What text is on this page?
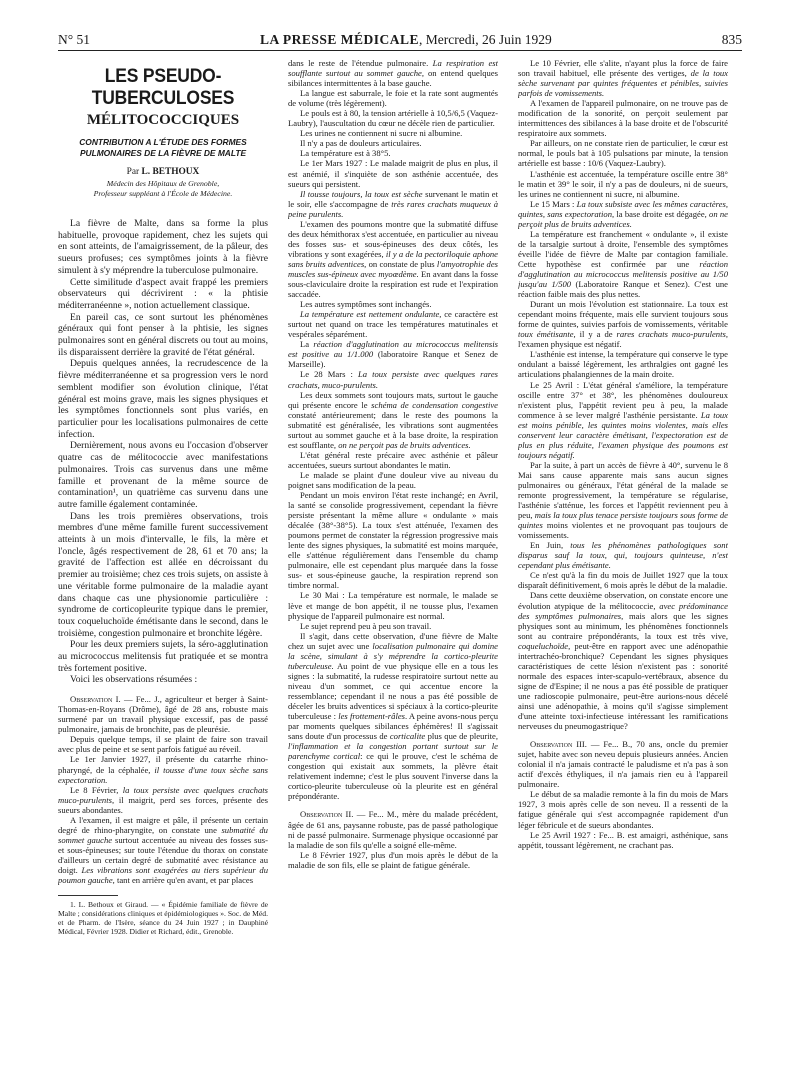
N° 51	LA PRESSE MÉDICALE, Mercredi, 26 Juin 1929	835
LES PSEUDO-TUBERCULOSES
MÉLITOCOCCIQUES
CONTRIBUTION A L'ÉTUDE DES FORMES PULMONAIRES DE LA FIÈVRE DE MALTE
Par L. BETHOUX
Médecin des Hôpitaux de Grenoble,
Professeur suppléant à l'École de Médecine.

La fièvre de Malte, dans sa forme la plus habituelle, provoque rapidement, chez les sujets qui en sont atteints, de l'amaigrissement, de la pâleur, des sueurs profuses; ces symptômes joints à la fièvre simulent à s'y méprendre la tuberculose pulmonaire.

Cette similitude d'aspect avait frappé les premiers observateurs qui décrivirent : « la phtisie méditerranéenne », notion actuellement classique.

En pareil cas, ce sont surtout les phénomènes généraux qui font penser à la phtisie, les signes pulmonaires sont en général discrets ou tout au moins, ils disparaissent derrière la gravité de l'état général.

Depuis quelques années, la recrudescence de la fièvre méditerranéenne et sa progression vers le nord semblent modifier son évolution clinique, l'état général est moins grave, mais les signes physiques et les symptômes fonctionnels sont plus variés, en particulier pour les localisations pulmonaires de cette infection.

Dernièrement, nous avons eu l'occasion d'observer quatre cas de mélitococcie avec manifestations pulmonaires. Trois cas survenus dans une même famille et provenant de la même source de contamination¹, un quatrième cas survenu dans une autre famille également contaminée.

Dans les trois premières observations, trois membres d'une même famille furent successivement atteints à un mois d'intervalle, le fils, la mère et l'oncle, âgés respectivement de 28, 61 et 70 ans; la gravité de l'affection est allée en décroissant du premier au troisième; chez ces trois sujets, on assiste à une véritable forme pulmonaire de la maladie ayant dans chaque cas une physionomie particulière : syndrome de corticopleurite typique dans le premier, toux coqueluchoïde émétisante dans le second, dans le troisième, congestion pulmonaire et bronchite légère.

Pour les deux premiers sujets, la séro-agglutination au micrococcus melitensis fut pratiquée et se montra très fortement positive.

Voici les observations résumées :

Observation I. — Fe... J., agriculteur et berger à Saint-Thomas-en-Royans (Drôme), âgé de 28 ans, robuste mais surmené par un travail physique excessif, pas de passé pulmonaire, jamais de bronchite, pas de pleurésie.

Depuis quelque temps, il se plaint de faire son travail avec plus de peine et se sent parfois fatigué au réveil.

Le 1er Janvier 1927, il présente du catarrhe rhino-pharyngé, de la céphalée, il tousse d'une toux sèche sans expectoration.

Le 8 Février, la toux persiste avec quelques crachats muco-purulents, il maigrit, perd ses forces, présente des sueurs abondantes.

A l'examen, il est maigre et pâle, il présente un certain degré de rhino-pharyngite, on constate une submatité du sommet gauche surtout accentuée au niveau des fosses sus- et sous-épineuses; sur toute l'étendue du thorax on constate d'ailleurs un certain degré de submatité avec résistance au doigt. Les vibrations sont exagérées au tiers supérieur du poumon gauche, tant en arrière qu'en avant, et par places

1. L. Bethoux et Giraud. — « Épidémie familiale de fièvre de Malte ; considérations cliniques et épidémiologiques ». Soc. de Méd. et de Pharm. de l'Isère, séance du 24 Juin 1927 ; in Dauphiné Médical, Février 1928. Didier et Richard, édit., Grenoble.

dans le reste de l'étendue pulmonaire. La respiration est soufflante surtout au sommet gauche, on entend quelques sibilances intermittentes à la base gauche.

La langue est saburrale, le foie et la rate sont augmentés de volume (très légèrement).

Le pouls est à 80, la tension artérielle à 10,5/6,5 (Vaquez-Laubry), l'auscultation du cœur ne décèle rien de particulier.

Les urines ne contiennent ni sucre ni albumine.

Il n'y a pas de douleurs articulaires.

La température est à 38°5.

Le 1er Mars 1927 : Le malade maigrit de plus en plus, il est anémié, il s'inquiète de son asthénie accentuée, des sueurs qui persistent.

Il tousse toujours, la toux est sèche survenant le matin et le soir, elle s'accompagne de très rares crachats muqueux à peine purulents.

L'examen des poumons montre que la submatité diffuse des deux hémithorax s'est accentuée, en particulier au niveau des fosses sus- et sous-épineuses des deux côtés, les vibrations y sont exagérées, il y a de la pectoriloquie aphone sans bruits adventices, on constate de plus l'amyotrophie des muscles sus-épineux avec myoœdème. En avant dans la fosse sous-claviculaire droite la respiration est rude et l'expiration saccadée.

Les autres symptômes sont inchangés.

La température est nettement ondulante, ce caractère est surtout net quand on trace les températures matutinales et vespérales séparément.

La réaction d'agglutination au micrococcus melitensis est positive au 1/1.000 (laboratoire Ranque et Senez de Marseille).

Le 28 Mars : La toux persiste avec quelques rares crachats, muco-purulents.

Les deux sommets sont toujours mats, surtout le gauche qui présente encore le schéma de condensation congestive constaté antérieurement; dans le reste des poumons la submatité est généralisée, les vibrations sont augmentées surtout au sommet gauche et à la base droite, la respiration est soufflante, on ne perçoit pas de bruits adventices.

L'état général reste précaire avec asthénie et pâleur accentuées, sueurs surtout abondantes le matin.

Le malade se plaint d'une douleur vive au niveau du poignet sans modification de la peau.

Pendant un mois environ l'état reste inchangé; en Avril, la santé se consolide progressivement, cependant la fièvre persiste présentant la même allure « ondulante » mais décalée (38°-38°5). La toux s'est atténuée, l'examen des poumons permet de constater la régression progressive mais lente des signes physiques, la submatité est moins marquée, elle s'atténue régulièrement dans l'ensemble du champ pulmonaire, elle est cependant plus marquée dans la fosse sus- et sous-épineuse gauche, la respiration reprend son timbre normal.

Le 30 Mai : La température est normale, le malade se lève et mange de bon appétit, il ne tousse plus, l'examen physique de l'appareil pulmonaire est normal.

Le sujet reprend peu à peu son travail.

Il s'agit, dans cette observation, d'une fièvre de Malte chez un sujet avec une localisation pulmonaire qui domine la scène, simulant à s'y méprendre la cortico-pleurite tuberculeuse. Au point de vue physique elle en a tous les signes : la submatité, la rudesse respiratoire surtout nette au niveau d'un sommet, ce qui accentue encore la ressemblance; cependant il ne nous a pas été possible de déceler les bruits adventices si spéciaux à la cortico-pleurite tuberculeuse : les frottement-râles. A peine avons-nous perçu par moments quelques sibilances éphémères! Il s'agissait sans doute d'un processus de corticalite plus que de pleurite, l'inflammation et la congestion portant surtout sur le parenchyme cortical: ce qui le prouve, c'est le schéma de congestion qui existait aux sommets, la plèvre était relativement indemne; c'est le plus souvent l'inverse dans la cortico-pleurite tuberculeuse où la pleurite est en général prépondérante.

Observation II. — Fe... M., mère du malade précédent, âgée de 61 ans, paysanne robuste, pas de passé pathologique ni de passé pulmonaire. Surmenage physique occasionné par la maladie de son fils qu'elle a soigné elle-même.

Le 8 Février 1927, plus d'un mois après le début de la maladie de son fils, elle se plaint de fatigue générale.

Le 10 Février, elle s'alite, n'ayant plus la force de faire son travail habituel, elle présente des vertiges, de la toux sèche survenant par quintes fréquentes et pénibles, suivies parfois de vomissements.

A l'examen de l'appareil pulmonaire, on ne trouve pas de modification de la sonorité, on perçoit seulement par intermittences des sibilances à la base droite et de l'obscurité respiratoire aux sommets.

Par ailleurs, on ne constate rien de particulier, le cœur est normal, le pouls bat à 105 pulsations par minute, la tension artérielle est basse : 10/6 (Vaquez-Laubry).

L'asthénie est accentuée, la température oscille entre 38° le matin et 39° le soir, il n'y a pas de douleurs, ni de sueurs, les urines ne contiennent ni sucre, ni albumine.

Le 15 Mars : La toux subsiste avec les mêmes caractères, quintes, sans expectoration, la base droite est dégagée, on ne perçoit plus de bruits adventices.

La température est franchement « ondulante », il existe de la tarsalgie surtout à droite, l'ensemble des symptômes éveille l'idée de fièvre de Malte par contagion familiale. Cette hypothèse est confirmée par une réaction d'agglutination au micrococcus melitensis positive au 1/50 jusqu'au 1/500 (Laboratoire Ranque et Senez). C'est une réaction faible mais des plus nettes.

Durant un mois l'évolution est stationnaire. La toux est cependant moins fréquente, mais elle survient toujours sous forme de quintes, suivies parfois de vomissements, véritable toux émétisante, il y a de rares crachats muco-purulents, l'examen physique est négatif.

L'asthénie est intense, la température qui conserve le type ondulant a baissé légèrement, les arthralgies ont gagné les articulations phalangiennes de la main droite.

Le 25 Avril : L'état général s'améliore, la température oscille entre 37° et 38°, les phénomènes douloureux n'existent plus, l'appétit revient peu à peu, la malade commence à se lever malgré l'asthénie persistante. La toux est moins pénible, les quintes moins violentes, mais elles conservent leur caractère émétisant, l'expectoration est de plus en plus réduite, l'examen physique des poumons est toujours négatif.

Par la suite, à part un accès de fièvre à 40°, survenu le 8 Mai sans cause apparente mais sans aucun signes pulmonaires ou généraux, l'état général de la malade se remonte progressivement, la température se régularise, l'asthénie s'atténue, les forces et l'appétit reviennent peu à peu, mais la toux plus tenace persiste toujours sous forme de quintes moins violentes et ne provoquant pas toujours de vomissements.

En Juin, tous les phénomènes pathologiques sont disparus sauf la toux, qui, toujours quinteuse, n'est cependant plus émétisante.

Ce n'est qu'à la fin du mois de Juillet 1927 que la toux disparaît définitivement, 6 mois après le début de la maladie.

Dans cette deuxième observation, on constate encore une évolution atypique de la mélitococcie, avec prédominance des symptômes pulmonaires, mais alors que les signes physiques sont au minimum, les phénomènes fonctionnels sont au contraire prépondérants, la toux est très vive, coqueluchoïde, peut-être en rapport avec une adénopathie intertrachéo-bronchique? Cependant les signes physiques caractéristiques de cette lésion n'existent pas : sonorité normale des espaces inter-scapulo-vertébraux, absence du signe de d'Espine; il ne nous a pas été possible de pratiquer une radioscopie pulmonaire, peut-être aurions-nous décelé ainsi une adénopathie, à moins qu'il s'agisse simplement d'une atteinte toxi-infectieuse intéressant les ramifications nerveuses du pneumogastrique?

Observation III. — Fe... B., 70 ans, oncle du premier sujet, habite avec son neveu depuis plusieurs années. Ancien colonial il n'a jamais contracté le paludisme et n'a pas à son actif d'excès éthyliques, il n'a jamais rien eu à l'appareil pulmonaire.

Le début de sa maladie remonte à la fin du mois de Mars 1927, 3 mois après celle de son neveu. Il a ressenti de la fatigue générale qui s'est accompagnée rapidement d'un léger fébricule et de sueurs abondantes.

Le 25 Avril 1927 : Fe... B. est amaigri, asthénique, sans appétit, toussant légèrement, ne crachant pas.
